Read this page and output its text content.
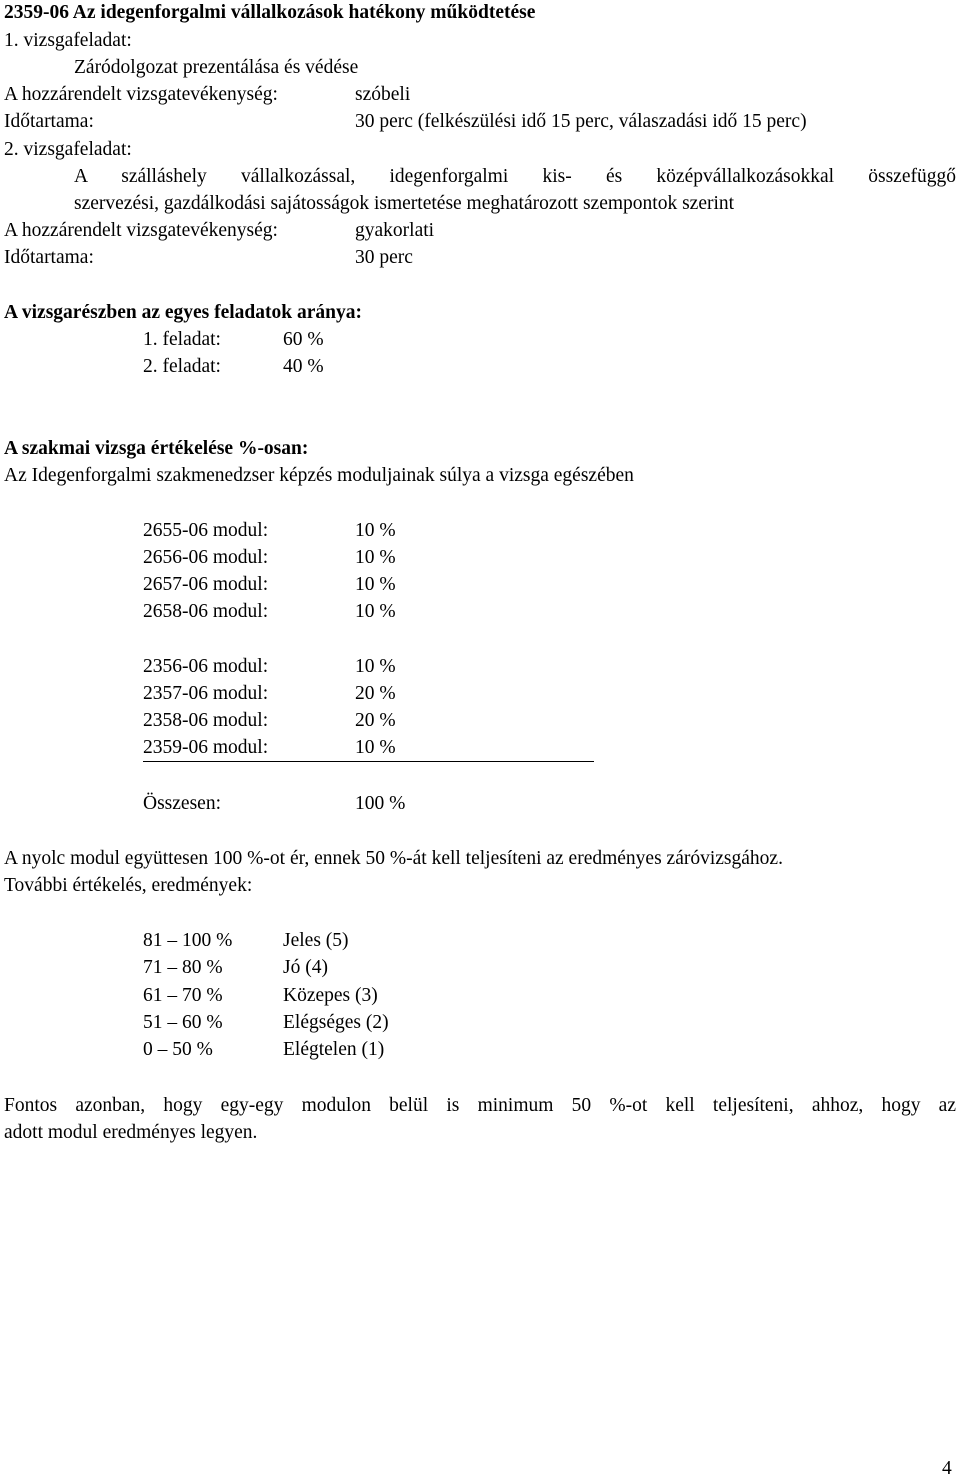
2359-06 Az idegenforgalmi vállalkozások hatékony működtetése
1. vizsgafeladat:
Záródolgozat prezentálása és védése
A hozzárendelt vizsgatevékenység:	szóbeli
Időtartama:	30 perc (felkészülési idő 15 perc, válaszadási idő 15 perc)
2. vizsgafeladat:
A szálláshely vállalkozással, idegenforgalmi kis- és középvállalkozásokkal összefüggő
szervezési, gazdálkodási sajátosságok ismertetése meghatározott szempontok szerint
A hozzárendelt vizsgatevékenység:	gyakorlati
Időtartama:	30 perc
A vizsgarészben az egyes feladatok aránya:
1. feladat:	60 %
2. feladat:	40 %
A szakmai vizsga értékelése %-osan:
Az Idegenforgalmi szakmenedzser képzés moduljainak súlya a vizsga egészében
2655-06 modul:	10 %
2656-06 modul:	10 %
2657-06 modul:	10 %
2658-06 modul:	10 %
2356-06 modul:	10 %
2357-06 modul:	20 %
2358-06 modul:	20 %
2359-06 modul:	10 %
Összesen:	100 %
A nyolc modul együttesen 100 %-ot ér, ennek 50 %-át kell teljesíteni az eredményes záróvizsgához.
További értékelés, eredmények:
81 – 100 %	Jeles (5)
71 – 80 %	Jó (4)
61 – 70 %	Közepes (3)
51 – 60 %	Elégséges (2)
0 – 50 %	Elégtelen (1)
Fontos azonban, hogy egy-egy modulon belül is minimum 50 %-ot kell teljesíteni, ahhoz, hogy az
adott modul eredményes legyen.
4
